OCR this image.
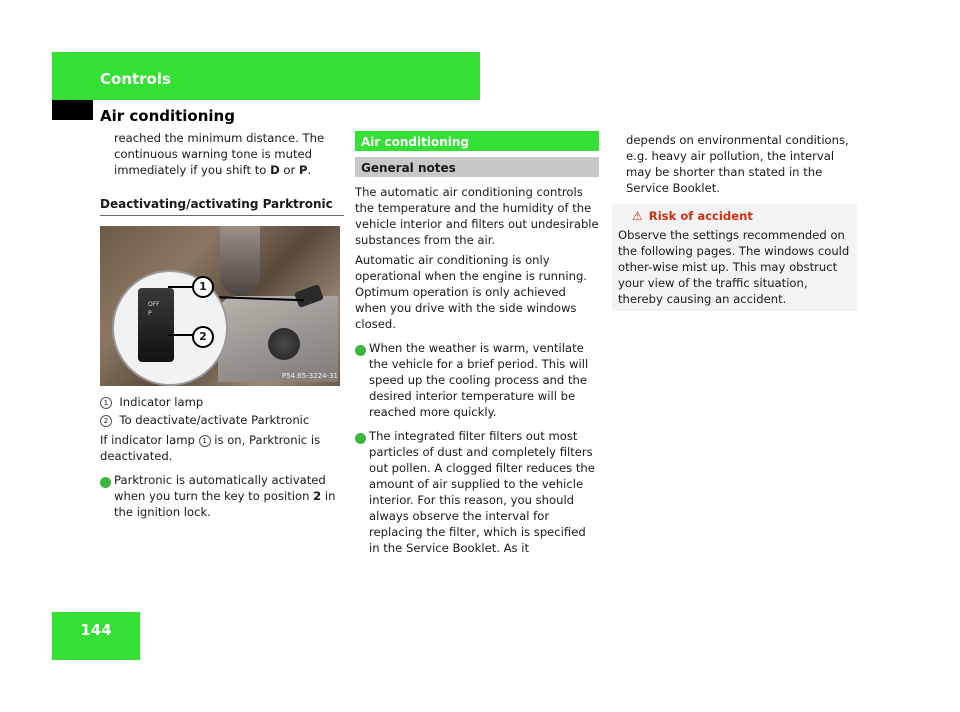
Controls
Air conditioning
144

reached the minimum distance. The continuous warning tone is muted immediately if you shift to D or P.

Deactivating/activating Parktronic

OFF
P
1
2
P54.65-3224-31

1 Indicator lamp

2 To deactivate/activate Parktronic

If indicator lamp 1 is on, Parktronic is deactivated.

i Parktronic is automatically activated when you turn the key to position 2 in the ignition lock.

Air conditioning

General notes

The automatic air conditioning controls the temperature and the humidity of the vehicle interior and filters out undesirable substances from the air.

Automatic air conditioning is only operational when the engine is running. Optimum operation is only achieved when you drive with the side windows closed.

i When the weather is warm, ventilate the vehicle for a brief period. This will speed up the cooling process and the desired interior temperature will be reached more quickly.

i The integrated filter filters out most particles of dust and completely filters out pollen. A clogged filter reduces the amount of air supplied to the vehicle interior. For this reason, you should always observe the interval for replacing the filter, which is specified in the Service Booklet. As it

depends on environmental conditions, e.g. heavy air pollution, the interval may be shorter than stated in the Service Booklet.

⚠ Risk of accident

Observe the settings recommended on the following pages. The windows could other-wise mist up. This may obstruct your view of the traffic situation, thereby causing an accident.
